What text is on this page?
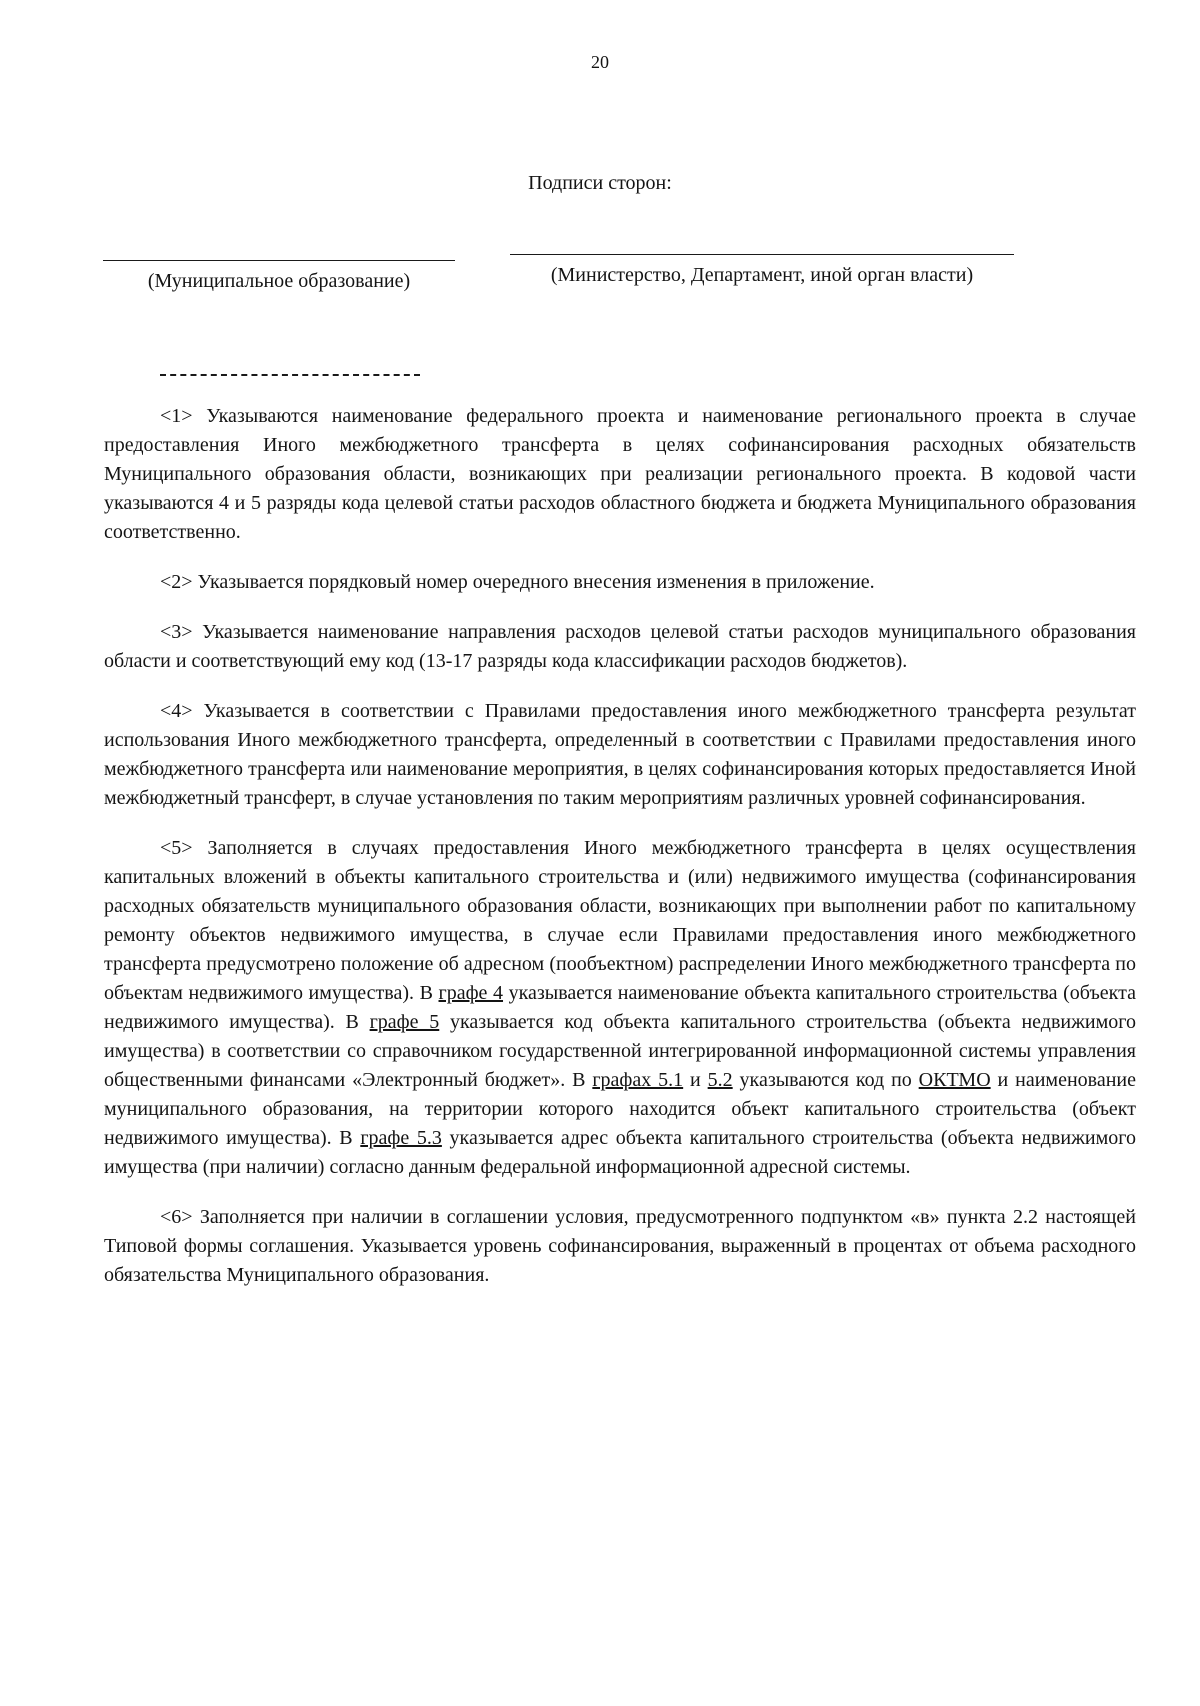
20
Подписи сторон:
(Муниципальное образование)	(Министерство, Департамент, иной орган власти)

<1> Указываются наименование федерального проекта и наименование регионального проекта в случае предоставления Иного межбюджетного трансферта в целях софинансирования расходных обязательств Муниципального образования области, возникающих при реализации регионального проекта. В кодовой части указываются 4 и 5 разряды кода целевой статьи расходов областного бюджета и бюджета Муниципального образования соответственно.

<2> Указывается порядковый номер очередного внесения изменения в приложение.

<3> Указывается наименование направления расходов целевой статьи расходов муниципального образования области и соответствующий ему код (13-17 разряды кода классификации расходов бюджетов).

<4> Указывается в соответствии с Правилами предоставления иного межбюджетного трансферта результат использования Иного межбюджетного трансферта, определенный в соответствии с Правилами предоставления иного межбюджетного трансферта или наименование мероприятия, в целях софинансирования которых предоставляется Иной межбюджетный трансферт, в случае установления по таким мероприятиям различных уровней софинансирования.

<5> Заполняется в случаях предоставления Иного межбюджетного трансферта в целях осуществления капитальных вложений в объекты капитального строительства и (или) недвижимого имущества (софинансирования расходных обязательств муниципального образования области, возникающих при выполнении работ по капитальному ремонту объектов недвижимого имущества, в случае если Правилами предоставления иного межбюджетного трансферта предусмотрено положение об адресном (пообъектном) распределении Иного межбюджетного трансферта по объектам недвижимого имущества). В графе 4 указывается наименование объекта капитального строительства (объекта недвижимого имущества). В графе 5 указывается код объекта капитального строительства (объекта недвижимого имущества) в соответствии со справочником государственной интегрированной информационной системы управления общественными финансами «Электронный бюджет». В графах 5.1 и 5.2 указываются код по ОКТМО и наименование муниципального образования, на территории которого находится объект капитального строительства (объект недвижимого имущества). В графе 5.3 указывается адрес объекта капитального строительства (объекта недвижимого имущества (при наличии) согласно данным федеральной информационной адресной системы.

<6> Заполняется при наличии в соглашении условия, предусмотренного подпунктом «в» пункта 2.2 настоящей Типовой формы соглашения. Указывается уровень софинансирования, выраженный в процентах от объема расходного обязательства Муниципального образования.
